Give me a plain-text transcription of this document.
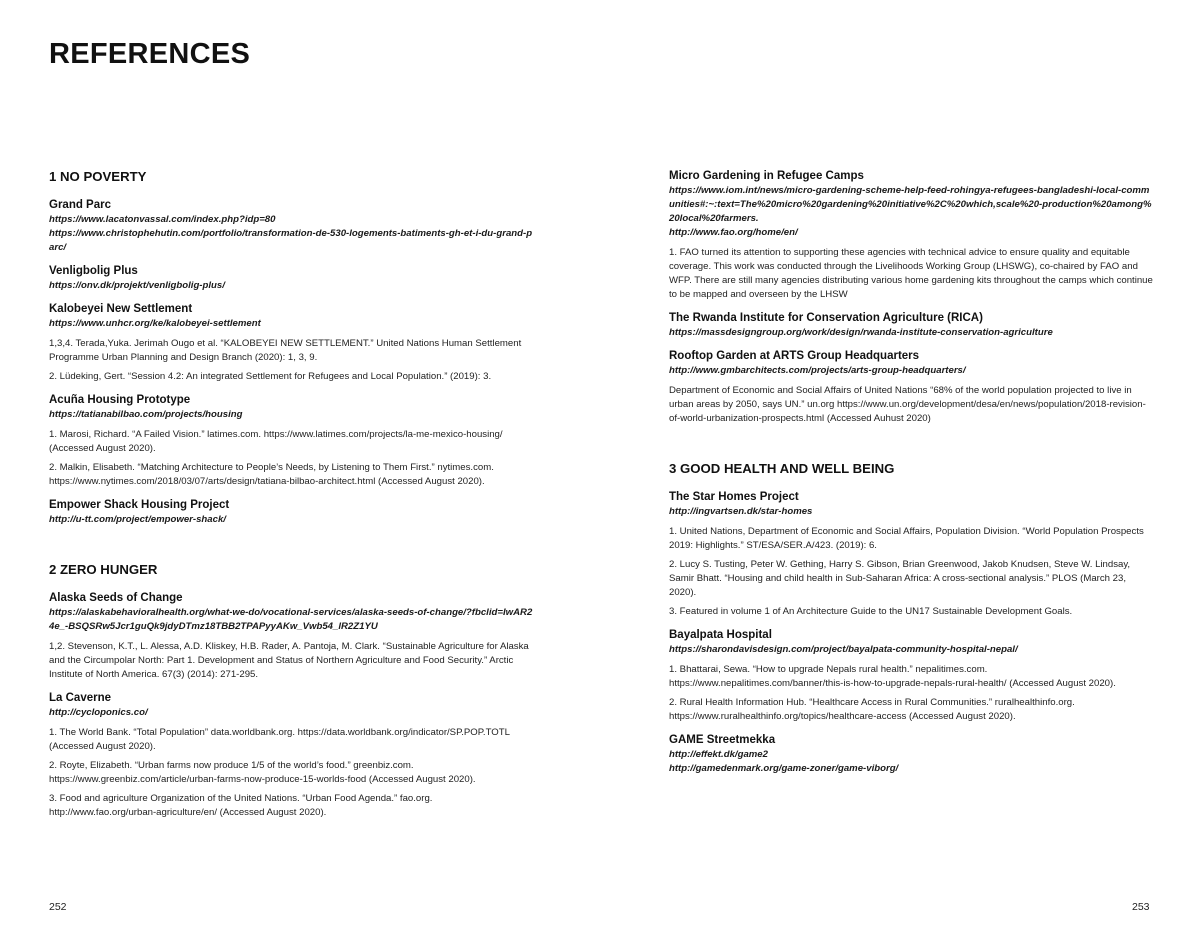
REFERENCES
1 NO POVERTY
Grand Parc
https://www.lacatonvassal.com/index.php?idp=80
https://www.christophehutin.com/portfolio/transformation-de-530-logements-batiments-gh-et-i-du-grand-parc/
Venligbolig Plus
https://onv.dk/projekt/venligbolig-plus/
Kalobeyei New Settlement
https://www.unhcr.org/ke/kalobeyei-settlement
1,3,4. Terada,Yuka. Jerimah Ougo et al. “KALOBEYEI NEW SETTLEMENT.” United Nations Human Settlement Programme Urban Planning and Design Branch (2020): 1, 3, 9.
2. Lüdeking, Gert. “Session 4.2: An integrated Settlement for Refugees and Local Population.” (2019): 3.
Acuña Housing Prototype
https://tatianabilbao.com/projects/housing
1. Marosi, Richard. “A Failed Vision.” latimes.com. https://www.latimes.com/projects/la-me-mexico-housing/ (Accessed August 2020).
2. Malkin, Elisabeth. “Matching Architecture to People’s Needs, by Listening to Them First.” nytimes.com. https://www.nytimes.com/2018/03/07/arts/design/tatiana-bilbao-architect.html (Accessed August 2020).
Empower Shack Housing Project
http://u-tt.com/project/empower-shack/
2 ZERO HUNGER
Alaska Seeds of Change
https://alaskabehavioralhealth.org/what-we-do/vocational-services/alaska-seeds-of-change/?fbclid=IwAR24e_-BSQSRw5Jcr1guQk9jdyDTmz18TBB2TPAPyyAKw_Vwb54_lR2Z1YU
1,2. Stevenson, K.T., L. Alessa, A.D. Kliskey, H.B. Rader, A. Pantoja, M. Clark. “Sustainable Agriculture for Alaska and the Circumpolar North: Part 1. Development and Status of Northern Agriculture and Food Security.” Arctic Institute of North America. 67(3) (2014): 271-295.
La Caverne
http://cycloponics.co/
1. The World Bank. “Total Population” data.worldbank.org. https://data.worldbank.org/indicator/SP.POP.TOTL (Accessed August 2020).
2. Royte, Elizabeth. “Urban farms now produce 1/5 of the world’s food.” greenbiz.com. https://www.greenbiz.com/article/urban-farms-now-produce-15-worlds-food (Accessed August 2020).
3. Food and agriculture Organization of the United Nations. “Urban Food Agenda.” fao.org. http://www.fao.org/urban-agriculture/en/ (Accessed August 2020).
Micro Gardening in Refugee Camps
https://www.iom.int/news/micro-gardening-scheme-help-feed-rohingya-refugees-bangladeshi-local-communities#:~:text=The%20micro%20gardening%20initiative%2C%20which,scale%20-production%20among%20local%20farmers.
http://www.fao.org/home/en/
1. FAO turned its attention to supporting these agencies with technical advice to ensure quality and equitable coverage. This work was conducted through the Livelihoods Working Group (LHSWG), co-chaired by FAO and WFP. There are still many agencies distributing various home gardening kits throughout the camps which continue to be mapped and overseen by the LHSW
The Rwanda Institute for Conservation Agriculture (RICA)
https://massdesigngroup.org/work/design/rwanda-institute-conservation-agriculture
Rooftop Garden at ARTS Group Headquarters
http://www.gmbarchitects.com/projects/arts-group-headquarters/
Department of Economic and Social Affairs of United Nations “68% of the world population projected to live in urban areas by 2050, says UN.” un.org https://www.un.org/development/desa/en/news/population/2018-revision-of-world-urbanization-prospects.html (Accessed Auhust 2020)
3 GOOD HEALTH AND WELL BEING
The Star Homes Project
http://ingvartsen.dk/star-homes
1. United Nations, Department of Economic and Social Affairs, Population Division. “World Population Prospects 2019: Highlights.” ST/ESA/SER.A/423. (2019): 6.
2. Lucy S. Tusting, Peter W. Gething, Harry S. Gibson, Brian Greenwood, Jakob Knudsen, Steve W. Lindsay, Samir Bhatt. “Housing and child health in Sub-Saharan Africa: A cross-sectional analysis.” PLOS (March 23, 2020).
3. Featured in volume 1 of An Architecture Guide to the UN17 Sustainable Development Goals.
Bayalpata Hospital
https://sharondavisdesign.com/project/bayalpata-community-hospital-nepal/
1. Bhattarai, Sewa. “How to upgrade Nepals rural health.” nepalitimes.com. https://www.nepalitimes.com/banner/this-is-how-to-upgrade-nepals-rural-health/ (Accessed August 2020).
2. Rural Health Information Hub. “Healthcare Access in Rural Communities.” ruralhealthinfo.org. https://www.ruralhealthinfo.org/topics/healthcare-access (Accessed August 2020).
GAME Streetmekka
http://effekt.dk/game2
http://gamedenmark.org/game-zoner/game-viborg/
252	253
